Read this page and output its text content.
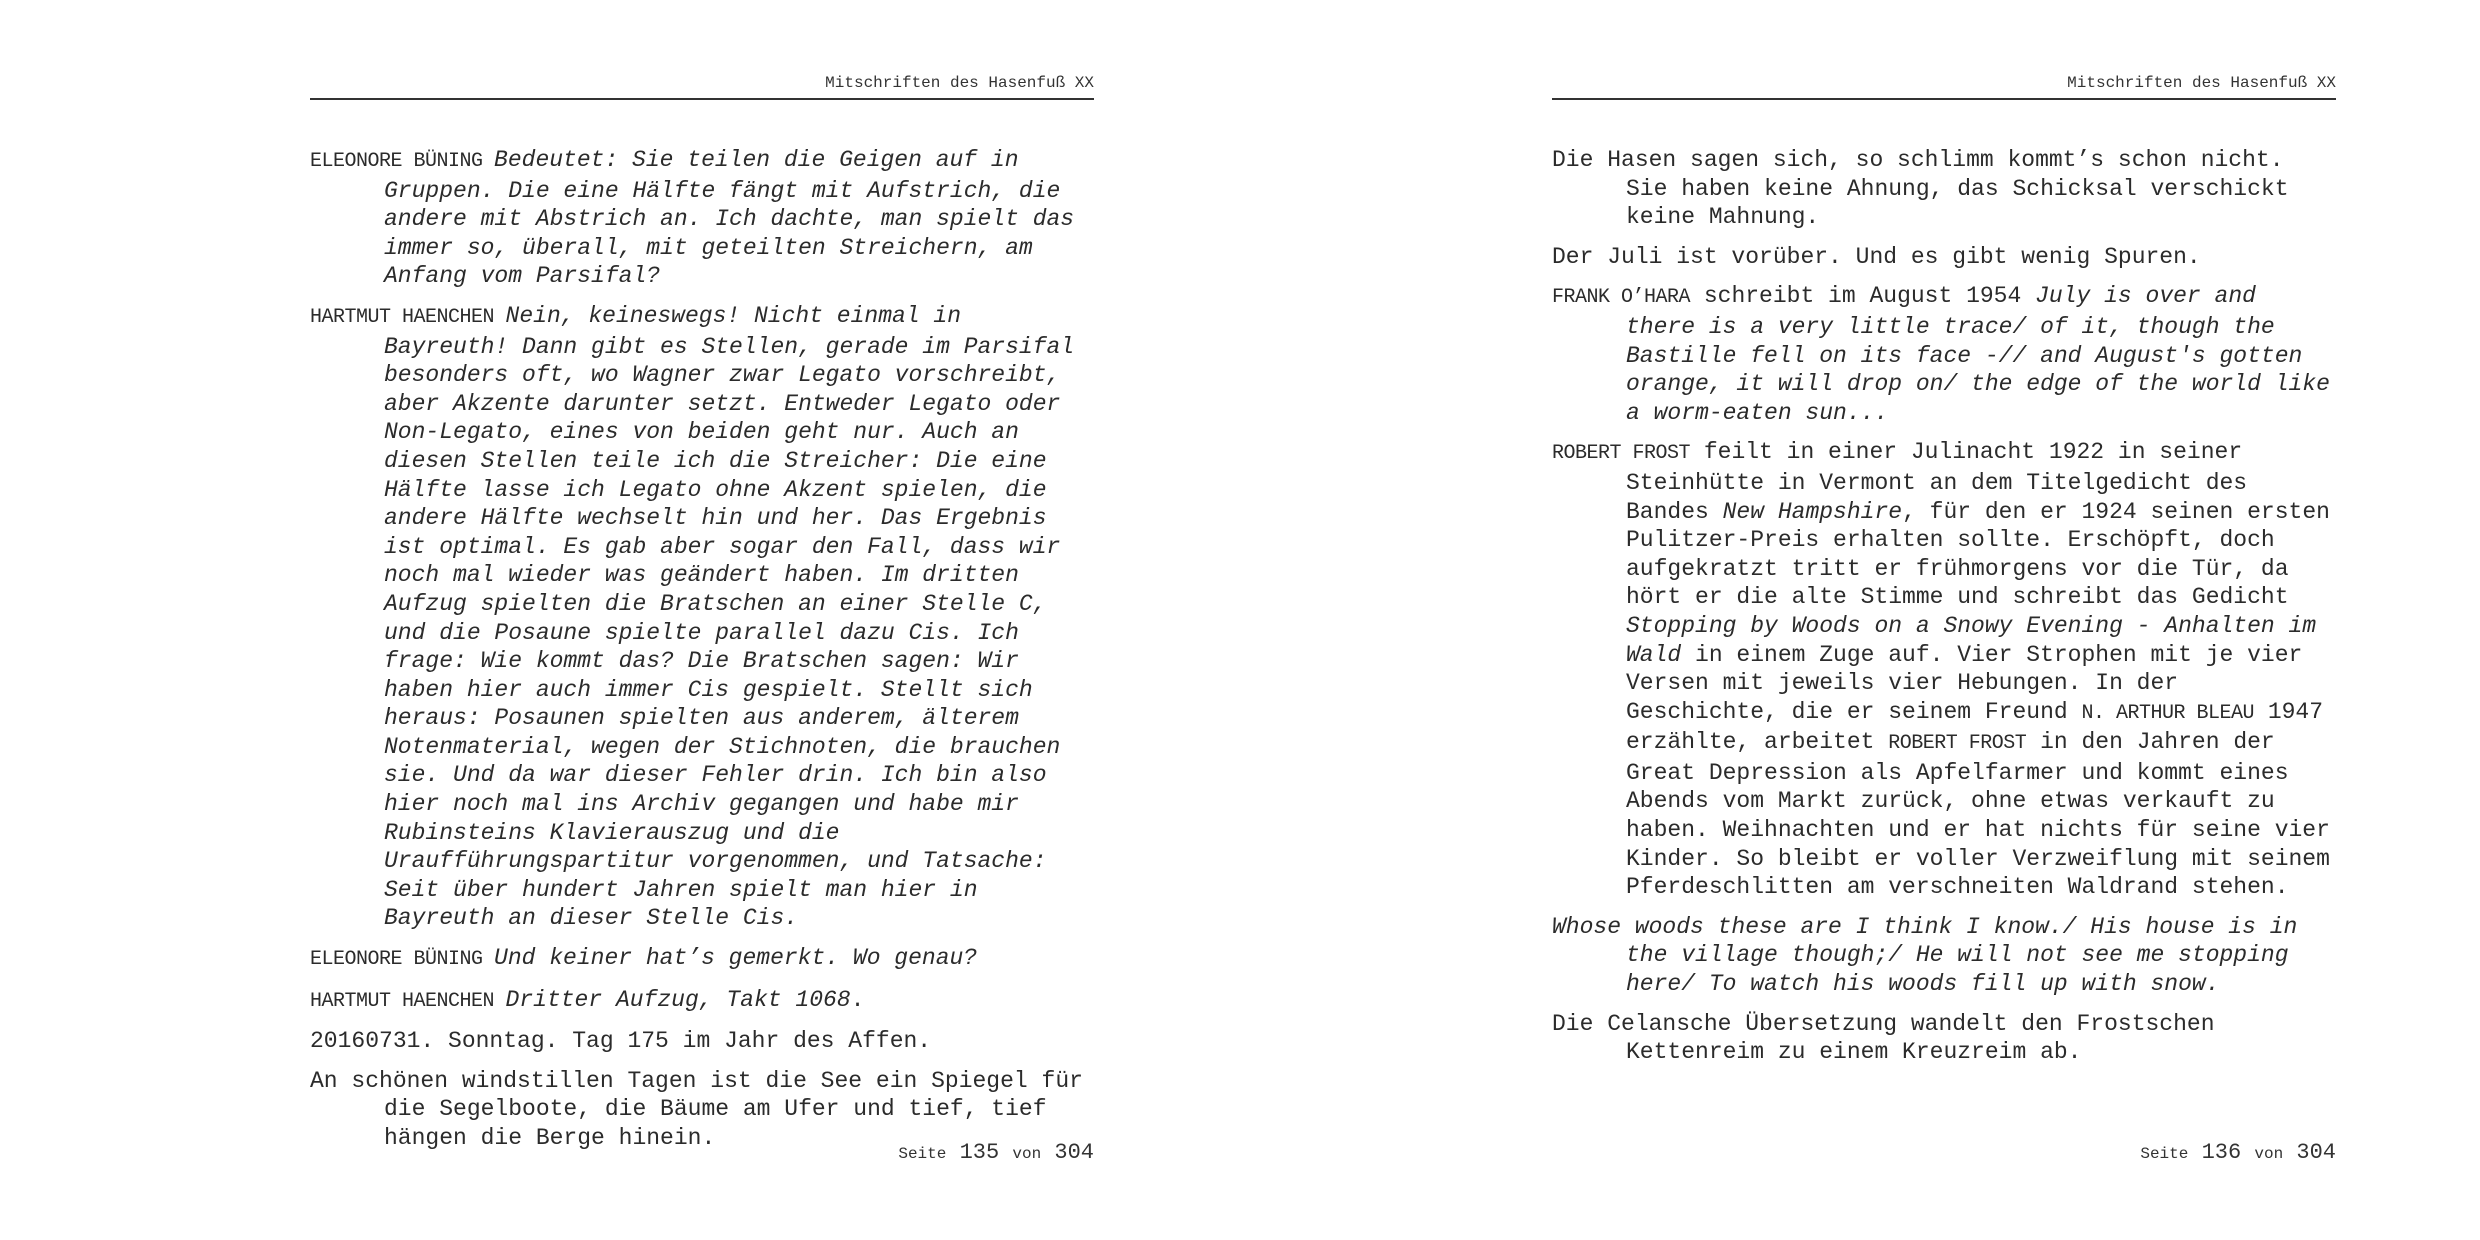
Mitschriften des Hasenfuß XX

ELEONORE BÜNING Bedeutet: Sie teilen die Geigen auf in Gruppen. Die eine Hälfte fängt mit Aufstrich, die andere mit Abstrich an. Ich dachte, man spielt das immer so, überall, mit geteilten Streichern, am Anfang vom Parsifal?

HARTMUT HAENCHEN Nein, keineswegs! Nicht einmal in Bayreuth! Dann gibt es Stellen, gerade im Parsifal besonders oft, wo Wagner zwar Legato vorschreibt, aber Akzente darunter setzt. Entweder Legato oder Non-Legato, eines von beiden geht nur. Auch an diesen Stellen teile ich die Streicher: Die eine Hälfte lasse ich Legato ohne Akzent spielen, die andere Hälfte wechselt hin und her. Das Ergebnis ist optimal. Es gab aber sogar den Fall, dass wir noch mal wieder was geändert haben. Im dritten Aufzug spielten die Bratschen an einer Stelle C, und die Posaune spielte parallel dazu Cis. Ich frage: Wie kommt das? Die Bratschen sagen: Wir haben hier auch immer Cis gespielt. Stellt sich heraus: Posaunen spielten aus anderem, älterem Notenmaterial, wegen der Stichnoten, die brauchen sie. Und da war dieser Fehler drin. Ich bin also hier noch mal ins Archiv gegangen und habe mir Rubinsteins Klavierauszug und die Uraufführungspartitur vorgenommen, und Tatsache: Seit über hundert Jahren spielt man hier in Bayreuth an dieser Stelle Cis.

ELEONORE BÜNING Und keiner hat’s gemerkt. Wo genau?

HARTMUT HAENCHEN Dritter Aufzug, Takt 1068.

20160731. Sonntag. Tag 175 im Jahr des Affen.

An schönen windstillen Tagen ist die See ein Spiegel für die Segelboote, die Bäume am Ufer und tief, tief hängen die Berge hinein.

Seite 135 von 304
Mitschriften des Hasenfuß XX

Die Hasen sagen sich, so schlimm kommt’s schon nicht. Sie haben keine Ahnung, das Schicksal verschickt keine Mahnung.

Der Juli ist vorüber. Und es gibt wenig Spuren.

FRANK O’HARA schreibt im August 1954 July is over and there is a very little trace/ of it, though the Bastille fell on its face -// and August's gotten orange, it will drop on/ the edge of the world like a worm-eaten sun...

ROBERT FROST feilt in einer Julinacht 1922 in seiner Steinhütte in Vermont an dem Titelgedicht des Bandes New Hampshire, für den er 1924 seinen ersten Pulitzer-Preis erhalten sollte. Erschöpft, doch aufgekratzt tritt er frühmorgens vor die Tür, da hört er die alte Stimme und schreibt das Gedicht Stopping by Woods on a Snowy Evening - Anhalten im Wald in einem Zuge auf. Vier Strophen mit je vier Versen mit jeweils vier Hebungen. In der Geschichte, die er seinem Freund N. ARTHUR BLEAU 1947 erzählte, arbeitet ROBERT FROST in den Jahren der Great Depression als Apfelfarmer und kommt eines Abends vom Markt zurück, ohne etwas verkauft zu haben. Weihnachten und er hat nichts für seine vier Kinder. So bleibt er voller Verzweiflung mit seinem Pferdeschlitten am verschneiten Waldrand stehen.

Whose woods these are I think I know./ His house is in the village though;/ He will not see me stopping here/ To watch his woods fill up with snow.

Die Celansche Übersetzung wandelt den Frostschen Kettenreim zu einem Kreuzreim ab.

Seite 136 von 304
